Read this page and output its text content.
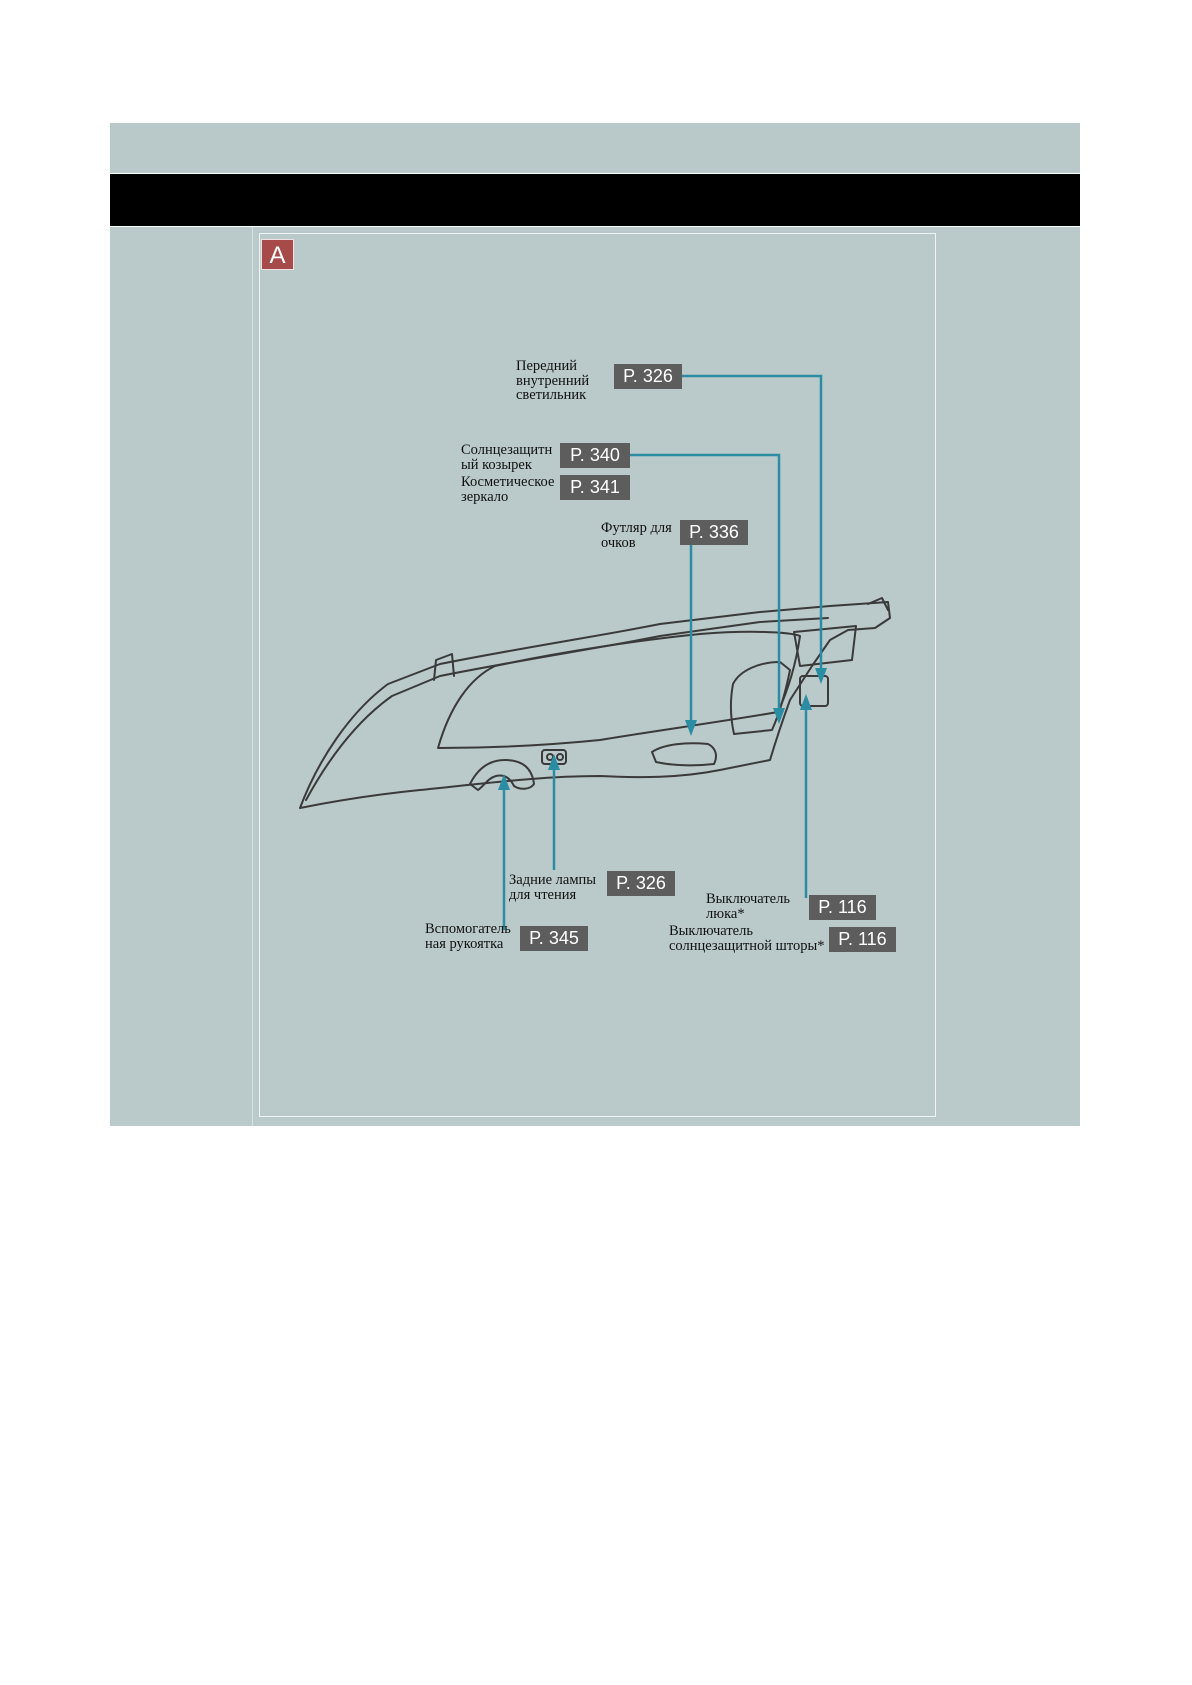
A
Передний
внутренний
светильник
P. 326
Солнцезащитн
ый козырек	P. 340
Косметическое
зеркало	P. 341
Футляр для
очков
P. 336
Задние лампы
для чтения
P. 326
Вспомогатель
ная рукоятка	P. 345
Выключатель
люка*	P. 116
Выключатель
солнцезащитной шторы* P. 116
